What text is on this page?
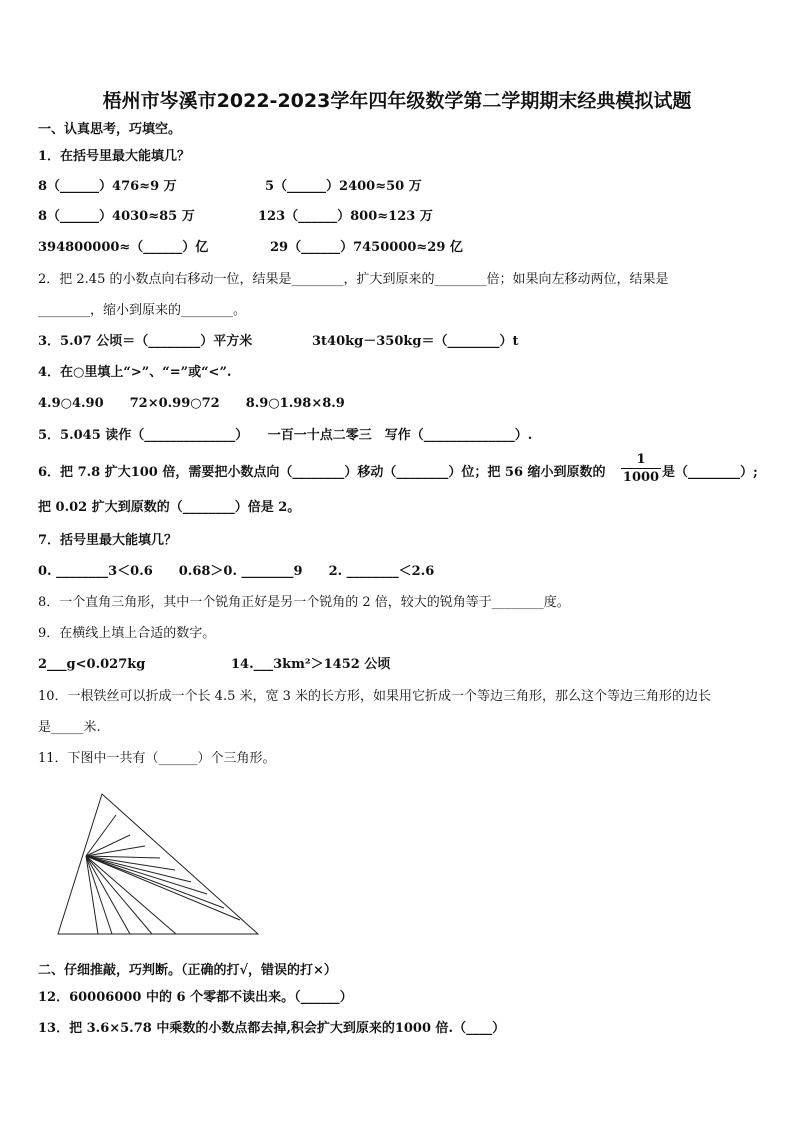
梧州市岑溪市2022-2023学年四年级数学第二学期期末经典模拟试题
一、认真思考，巧填空。
1．在括号里最大能填几？
8（______）476≈9 万	5（______）2400≈50 万
8（______）4030≈85 万	123（______）800≈123 万
394800000≈（______）亿	29（______）7450000≈29 亿
2．把 2.45 的小数点向右移动一位，结果是________，扩大到原来的________倍；如果向左移动两位，结果是
________，缩小到原来的________。
3．5.07 公顷＝（________）平方米	3t40kg－350kg＝（________）t
4．在○里填上“>”、“=”或“<”.
4.9○4.90　　72×0.99○72　　8.9○1.98×8.9
5．5.045 读作（______________）　　一百一十点二零三　写作（______________）.
6．把 7.8 扩大100 倍，需要把小数点向（________）移动（________）位；把 56 缩小到原数的 $\frac{1}{1000}$ 是（________）;
把 0.02 扩大到原数的（________）倍是 2。
7．括号里最大能填几？
0. ________3＜0.6　　0.68＞0. ________9　　2. ________＜2.6
8．一个直角三角形，其中一个锐角正好是另一个锐角的 2 倍，较大的锐角等于________度。
9．在横线上填上合适的数字。
2___g<0.027kg	14.___3km²＞1452 公顷
10．一根铁丝可以折成一个长 4.5 米，宽 3 米的长方形，如果用它折成一个等边三角形，那么这个等边三角形的边长
是_____米.
11．下图中一共有（______）个三角形。
二、仔细推敲，巧判断。（正确的打√，错误的打×）
12．60006000 中的 6 个零都不读出来。（______）
13．把 3.6×5.78 中乘数的小数点都去掉,积会扩大到原来的1000 倍.（____）
